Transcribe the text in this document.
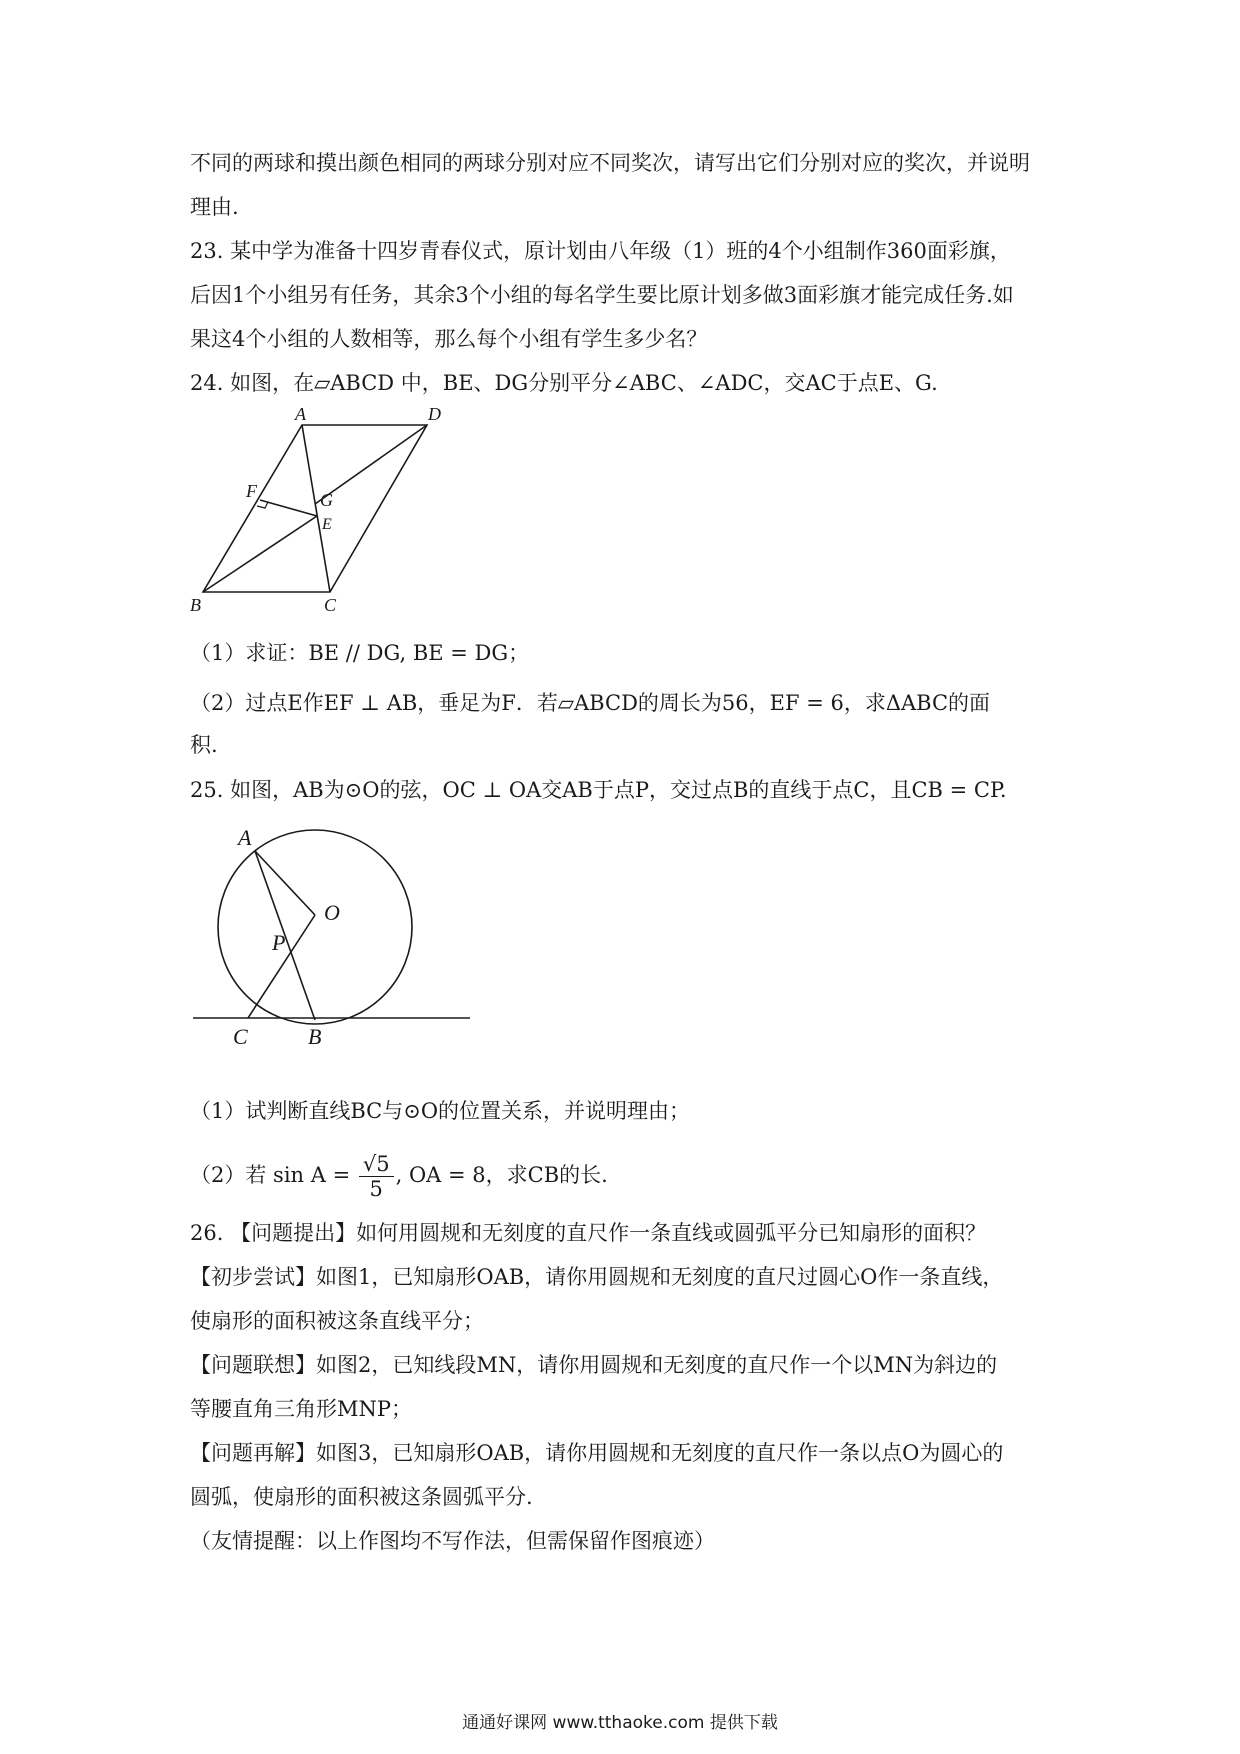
不同的两球和摸出颜色相同的两球分别对应不同奖次，请写出它们分别对应的奖次，并说明
理由.
23. 某中学为准备十四岁青春仪式，原计划由八年级（1）班的4个小组制作360面彩旗，
后因1个小组另有任务，其余3个小组的每名学生要比原计划多做3面彩旗才能完成任务.如
果这4个小组的人数相等，那么每个小组有学生多少名？
24. 如图，在▱ABCD 中，BE、DG分别平分∠ABC、∠ADC，交AC于点E、G.
A	D
F	G
E
B	C
（1）求证：BE // DG, BE = DG；
（2）过点E作EF ⊥ AB，垂足为F．若▱ABCD的周长为56，EF = 6，求ΔABC的面
积.
25. 如图，AB为⊙O的弦，OC ⊥ OA交AB于点P，交过点B的直线于点C，且CB = CP.
A
O
P
C	B
（1）试判断直线BC与⊙O的位置关系，并说明理由；
（2）若 $\sin A = \frac{√5}{5}$ , OA = 8，求CB的长.
26. 【问题提出】如何用圆规和无刻度的直尺作一条直线或圆弧平分已知扇形的面积？
【初步尝试】如图1，已知扇形OAB，请你用圆规和无刻度的直尺过圆心O作一条直线，
使扇形的面积被这条直线平分；
【问题联想】如图2，已知线段MN，请你用圆规和无刻度的直尺作一个以MN为斜边的
等腰直角三角形MNP；
【问题再解】如图3，已知扇形OAB，请你用圆规和无刻度的直尺作一条以点O为圆心的
圆弧，使扇形的面积被这条圆弧平分.
（友情提醒：以上作图均不写作法，但需保留作图痕迹）
通通好课网 www.tthaoke.com 提供下载
